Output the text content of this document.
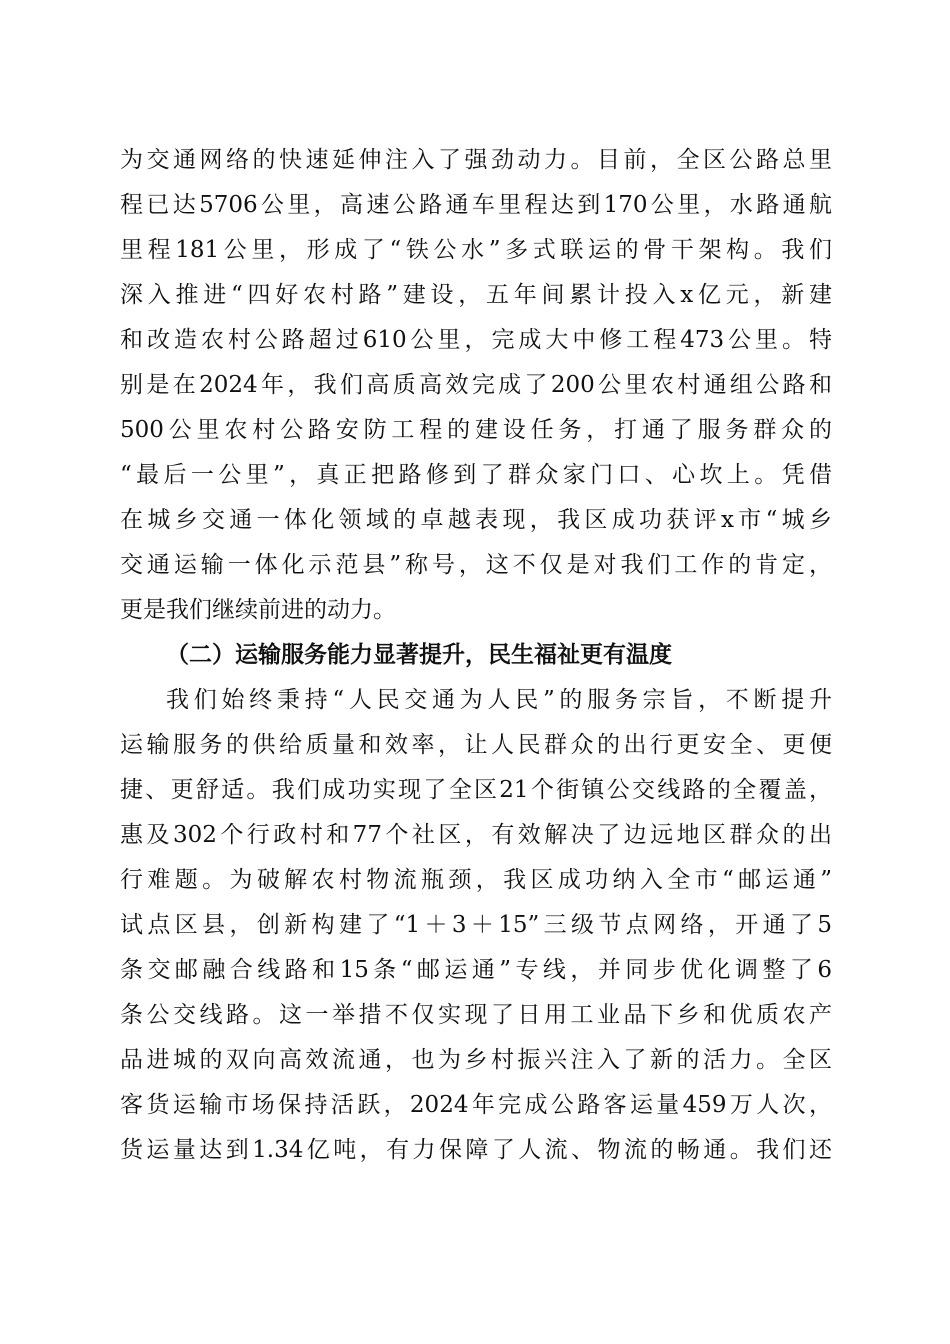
为交通网络的快速延伸注入了强劲动力。目前，全区公路总里
程已达5706公里，高速公路通车里程达到170公里，水路通航
里程181公里，形成了“铁公水”多式联运的骨干架构。我们
深入推进“四好农村路”建设，五年间累计投入x亿元，新建
和改造农村公路超过610公里，完成大中修工程473公里。特
别是在2024年，我们高质高效完成了200公里农村通组公路和
500公里农村公路安防工程的建设任务，打通了服务群众的
“最后一公里”，真正把路修到了群众家门口、心坎上。凭借
在城乡交通一体化领域的卓越表现，我区成功获评x市“城乡
交通运输一体化示范县”称号，这不仅是对我们工作的肯定，
更是我们继续前进的动力。
（二）运输服务能力显著提升，民生福祉更有温度
我们始终秉持“人民交通为人民”的服务宗旨，不断提升
运输服务的供给质量和效率，让人民群众的出行更安全、更便
捷、更舒适。我们成功实现了全区21个街镇公交线路的全覆盖，
惠及302个行政村和77个社区，有效解决了边远地区群众的出
行难题。为破解农村物流瓶颈，我区成功纳入全市“邮运通”
试点区县，创新构建了“1＋3＋15”三级节点网络，开通了5
条交邮融合线路和15条“邮运通”专线，并同步优化调整了6
条公交线路。这一举措不仅实现了日用工业品下乡和优质农产
品进城的双向高效流通，也为乡村振兴注入了新的活力。全区
客货运输市场保持活跃，2024年完成公路客运量459万人次，
货运量达到1.34亿吨，有力保障了人流、物流的畅通。我们还
